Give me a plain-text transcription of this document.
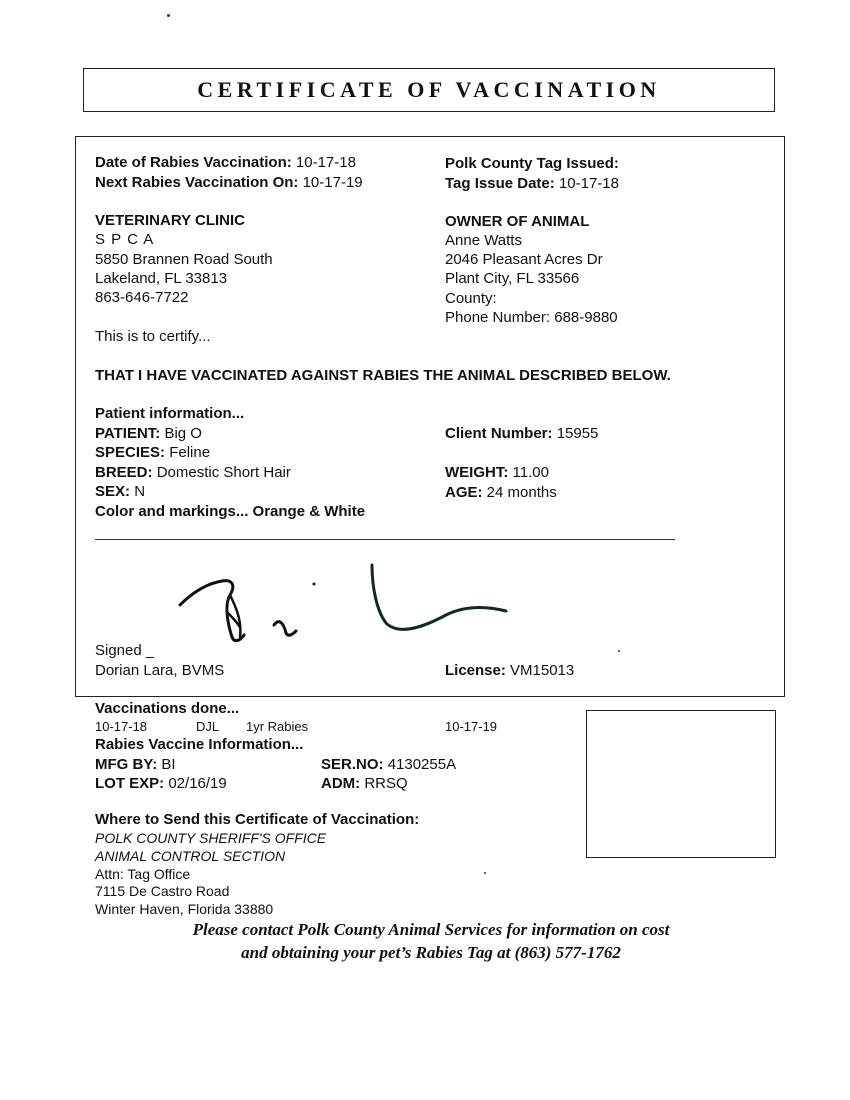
CERTIFICATE OF VACCINATION
Date of Rabies Vaccination: 10-17-18
Next Rabies Vaccination On: 10-17-19
Polk County Tag Issued:
Tag Issue Date: 10-17-18
VETERINARY CLINIC
S P C A
5850 Brannen Road South
Lakeland, FL 33813
863-646-7722
OWNER OF ANIMAL
Anne Watts
2046 Pleasant Acres Dr
Plant City, FL 33566
County:
Phone Number: 688-9880
This is to certify...
THAT I HAVE VACCINATED AGAINST RABIES THE ANIMAL DESCRIBED BELOW.
Patient information...
PATIENT: Big O
SPECIES: Feline
BREED: Domestic Short Hair
SEX: N
Color and markings... Orange & White
Client Number: 15955
WEIGHT: 11.00
AGE: 24 months
Signed _
Dorian Lara, BVMS	License: VM15013
Vaccinations done...
10-17-18	DJL 1yr Rabies	10-17-19
Rabies Vaccine Information...
MFG BY: BI	SER.NO: 4130255A
LOT EXP: 02/16/19	ADM: RRSQ
Where to Send this Certificate of Vaccination:
POLK COUNTY SHERIFF'S OFFICE
ANIMAL CONTROL SECTION
Attn: Tag Office
7115 De Castro Road
Winter Haven, Florida 33880
Please contact Polk County Animal Services for information on cost
and obtaining your pet’s Rabies Tag at (863) 577-1762
